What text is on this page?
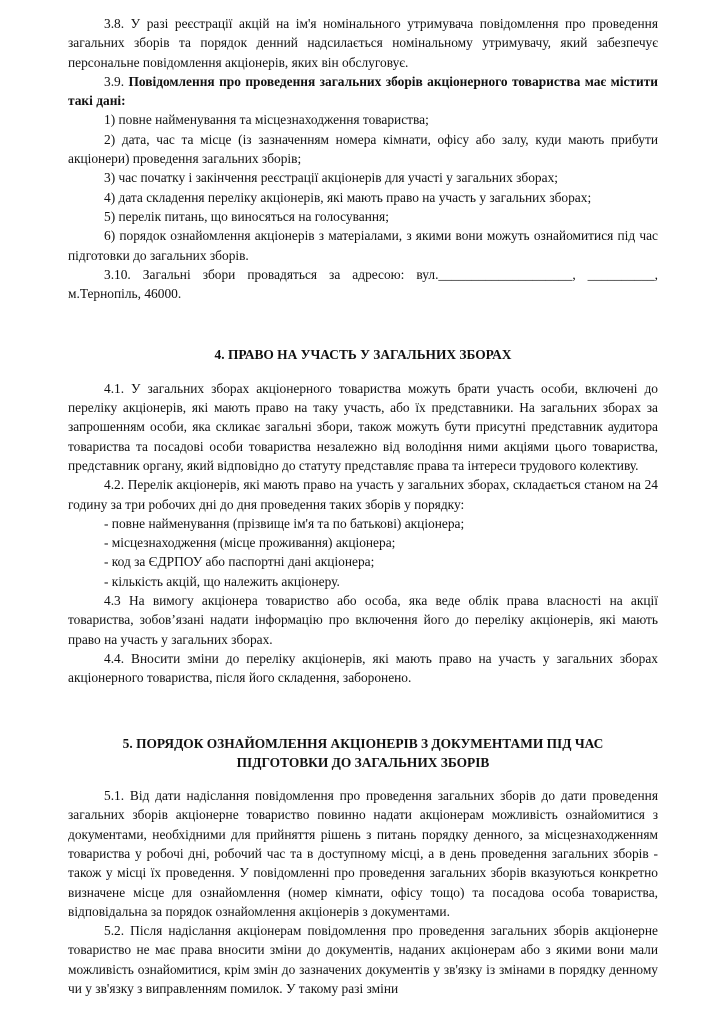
3.8. У разі реєстрації акцій на ім'я номінального утримувача повідомлення про проведення загальних зборів та порядок денний надсилається номінальному утримувачу, який забезпечує персональне повідомлення акціонерів, яких він обслуговує.

3.9. Повідомлення про проведення загальних зборів акціонерного товариства має містити такі дані:

1) повне найменування та місцезнаходження товариства;

2) дата, час та місце (із зазначенням номера кімнати, офісу або залу, куди мають прибути акціонери) проведення загальних зборів;

3) час початку і закінчення реєстрації акціонерів для участі у загальних зборах;

4) дата складення переліку акціонерів, які мають право на участь у загальних зборах;

5) перелік питань, що виносяться на голосування;

6) порядок ознайомлення акціонерів з матеріалами, з якими вони можуть ознайомитися під час підготовки до загальних зборів.

3.10. Загальні збори провадяться за адресою: вул.____________________, __________, м.Тернопіль, 46000.

4. ПРАВО НА УЧАСТЬ У ЗАГАЛЬНИХ ЗБОРАХ

4.1. У загальних зборах акціонерного товариства можуть брати участь особи, включені до переліку акціонерів, які мають право на таку участь, або їх представники. На загальних зборах за запрошенням особи, яка скликає загальні збори, також можуть бути присутні представник аудитора товариства та посадові особи товариства незалежно від володіння ними акціями цього товариства, представник органу, який відповідно до статуту представляє права та інтереси трудового колективу.

4.2. Перелік акціонерів, які мають право на участь у загальних зборах, складається станом на 24 годину за три робочих дні до дня проведення таких зборів у порядку:

- повне найменування (прізвище ім'я та по батькові) акціонера;

- місцезнаходження (місце проживання) акціонера;

- код за ЄДРПОУ або паспортні дані акціонера;

- кількість акцій, що належить акціонеру.

4.3 На вимогу акціонера товариство або особа, яка веде облік права власності на акції товариства, зобов’язані надати інформацію про включення його до переліку акціонерів, які мають право на участь у загальних зборах.

4.4. Вносити зміни до переліку акціонерів, які мають право на участь у загальних зборах акціонерного товариства, після його складення, заборонено.

5. ПОРЯДОК ОЗНАЙОМЛЕННЯ АКЦІОНЕРІВ З ДОКУМЕНТАМИ ПІД ЧАС
ПІДГОТОВКИ ДО ЗАГАЛЬНИХ ЗБОРІВ

5.1. Від дати надіслання повідомлення про проведення загальних зборів до дати проведення загальних зборів акціонерне товариство повинно надати акціонерам можливість ознайомитися з документами, необхідними для прийняття рішень з питань порядку денного, за місцезнаходженням товариства у робочі дні, робочий час та в доступному місці, а в день проведення загальних зборів - також у місці їх проведення. У повідомленні про проведення загальних зборів вказуються конкретно визначене місце для ознайомлення (номер кімнати, офісу тощо) та посадова особа товариства, відповідальна за порядок ознайомлення акціонерів з документами.

5.2. Після надіслання акціонерам повідомлення про проведення загальних зборів акціонерне товариство не має права вносити зміни до документів, наданих акціонерам або з якими вони мали можливість ознайомитися, крім змін до зазначених документів у зв'язку із змінами в порядку денному чи у зв'язку з виправленням помилок. У такому разі зміни
